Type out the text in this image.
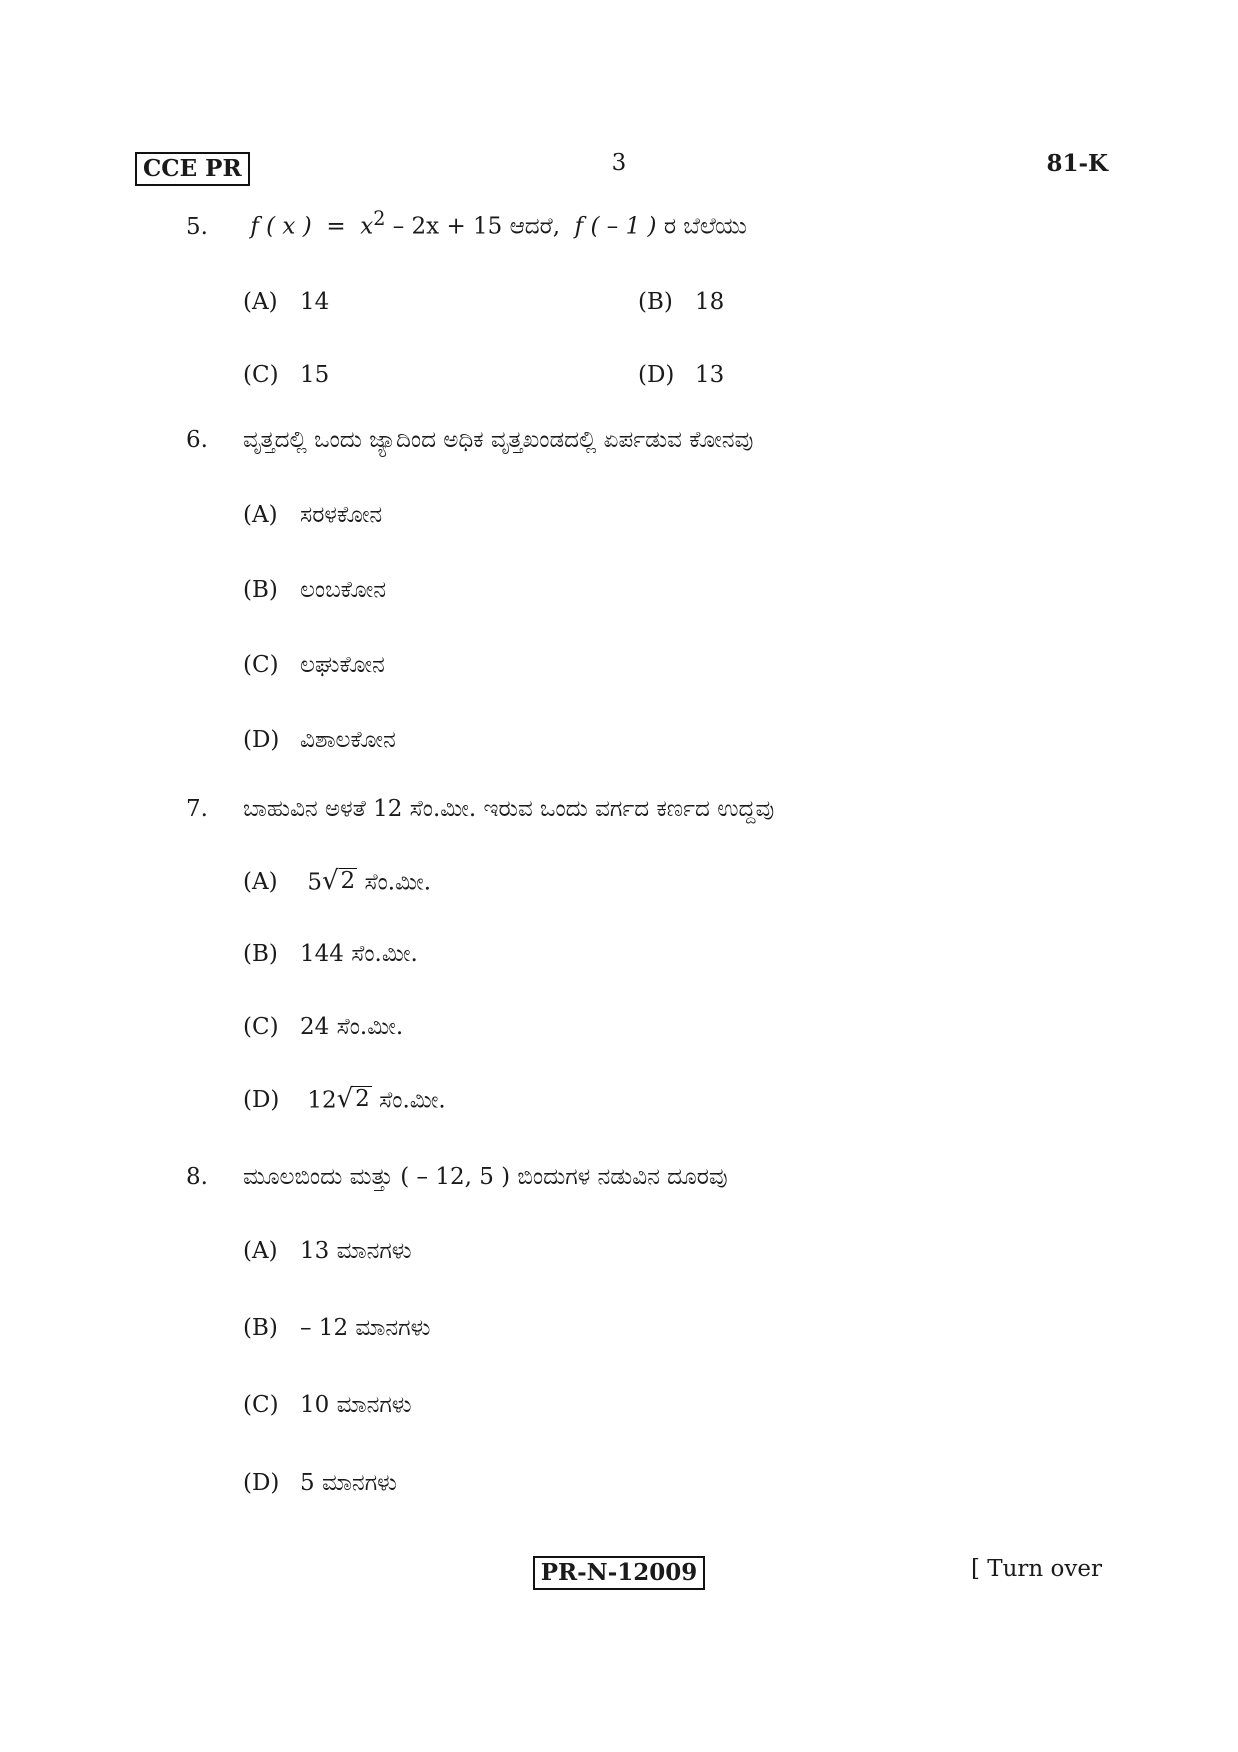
CCE PR	3	81-K
5. f ( x ) = $x^2 - 2x + 15$ ಆದರೆ, f ( – 1 ) ರ ಬೆಲೆಯು
(A) 14	(B) 18
(C) 15	(D) 13
6. ವೃತ್ತದಲ್ಲಿ ಒಂದು ಜ್ಯಾದಿಂದ ಅಧಿಕ ವೃತ್ತಖಂಡದಲ್ಲಿ ಏರ್ಪಡುವ ಕೋನವು
(A) ಸರಳಕೋನ
(B) ಲಂಬಕೋನ
(C) ಲಘುಕೋನ
(D) ವಿಶಾಲಕೋನ
7. ಬಾಹುವಿನ ಅಳತೆ 12 ಸೆಂ.ಮೀ. ಇರುವ ಒಂದು ವರ್ಗದ ಕರ್ಣದ ಉದ್ದವು
(A) 5 √ 2 ಸೆಂ.ಮೀ.
(B) 144 ಸೆಂ.ಮೀ.
(C) 24 ಸೆಂ.ಮೀ.
(D) 12 √ 2 ಸೆಂ.ಮೀ.
8. ಮೂಲಬಿಂದು ಮತ್ತು ( – 12, 5 ) ಬಿಂದುಗಳ ನಡುವಿನ ದೂರವು
(A) 13 ಮಾನಗಳು
(B) – 12 ಮಾನಗಳು
(C) 10 ಮಾನಗಳು
(D) 5 ಮಾನಗಳು
PR-N-12009	[ Turn over
